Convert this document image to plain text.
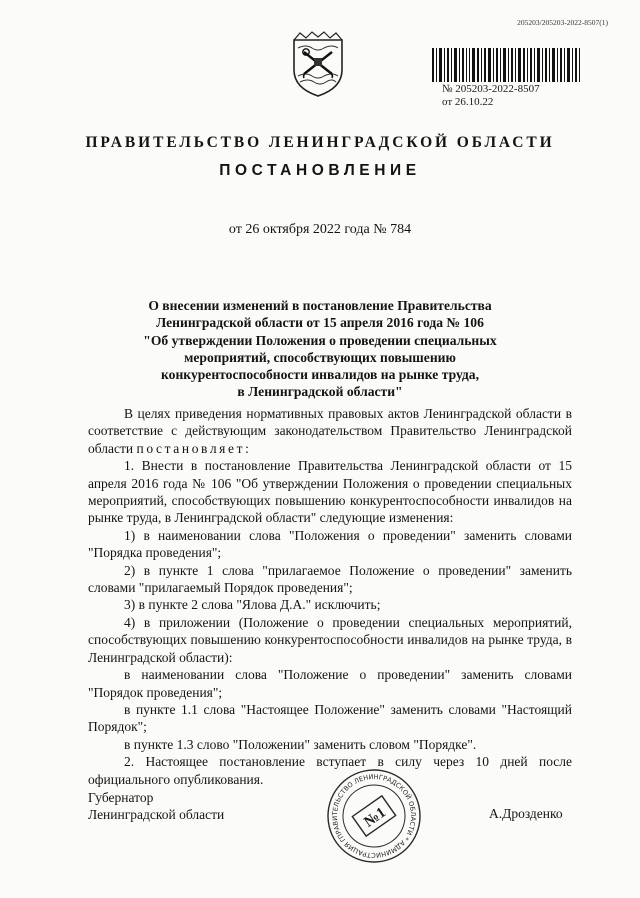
205203/205203-2022-8507(1)
№ 205203-2022-8507
от 26.10.22
ПРАВИТЕЛЬСТВО ЛЕНИНГРАДСКОЙ ОБЛАСТИ
ПОСТАНОВЛЕНИЕ
от 26 октября 2022 года № 784
О внесении изменений в постановление Правительства
Ленинградской области от 15 апреля 2016 года № 106
"Об утверждении Положения о проведении специальных
мероприятий, способствующих повышению
конкурентоспособности инвалидов на рынке труда,
в Ленинградской области"

В целях приведения нормативных правовых актов Ленинградской области в соответствие с действующим законодательством Правительство Ленинградской области постановляет:

1. Внести в постановление Правительства Ленинградской области от 15 апреля 2016 года № 106 "Об утверждении Положения о проведении специальных мероприятий, способствующих повышению конкурентоспособности инвалидов на рынке труда, в Ленинградской области" следующие изменения:

1) в наименовании слова "Положения о проведении" заменить словами "Порядка проведения";

2) в пункте 1 слова "прилагаемое Положение о проведении" заменить словами "прилагаемый Порядок проведения";

3) в пункте 2 слова "Ялова Д.А." исключить;

4) в приложении (Положение о проведении специальных мероприятий, способствующих повышению конкурентоспособности инвалидов на рынке труда, в Ленинградской области):

в наименовании слова "Положение о проведении" заменить словами "Порядок проведения";

в пункте 1.1 слова "Настоящее Положение" заменить словами "Настоящий Порядок";

в пункте 1.3 слово "Положении" заменить словом "Порядке".

2. Настоящее постановление вступает в силу через 10 дней после официального опубликования.

Губернатор
Ленинградской области	А.Дрозденко
ПРАВИТЕЛЬСТВО ЛЕНИНГРАДСКОЙ ОБЛАСТИ * АДМИНИСТРАЦИЯ ГУБЕРНАТОРА
№1
